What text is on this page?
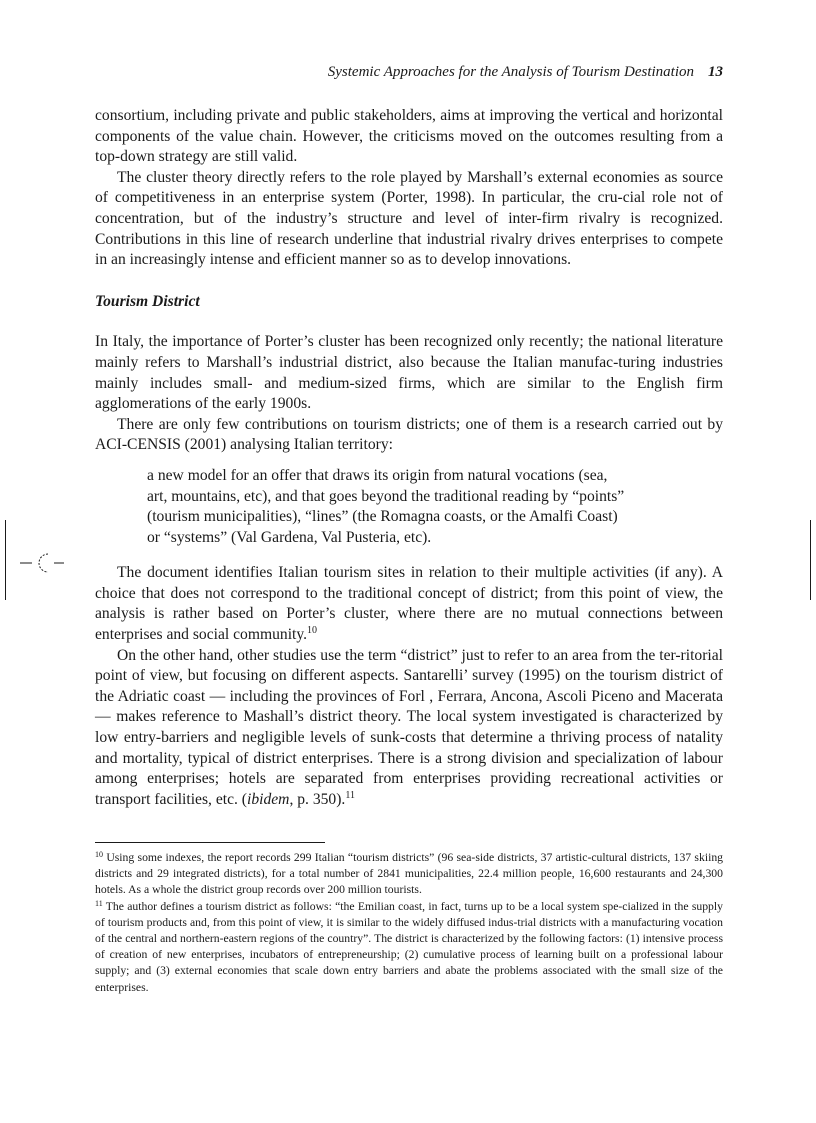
Systemic Approaches for the Analysis of Tourism Destination 13

consortium, including private and public stakeholders, aims at improving the vertical and horizontal components of the value chain. However, the criticisms moved on the outcomes resulting from a top-down strategy are still valid.

The cluster theory directly refers to the role played by Marshall’s external economies as source of competitiveness in an enterprise system (Porter, 1998). In particular, the cru-cial role not of concentration, but of the industry’s structure and level of inter-firm rivalry is recognized. Contributions in this line of research underline that industrial rivalry drives enterprises to compete in an increasingly intense and efficient manner so as to develop innovations.

Tourism District

In Italy, the importance of Porter’s cluster has been recognized only recently; the national literature mainly refers to Marshall’s industrial district, also because the Italian manufac-turing industries mainly includes small- and medium-sized firms, which are similar to the English firm agglomerations of the early 1900s.

There are only few contributions on tourism districts; one of them is a research carried out by ACI-CENSIS (2001) analysing Italian territory:

a new model for an offer that draws its origin from natural vocations (sea,
art, mountains, etc), and that goes beyond the traditional reading by “points”
(tourism municipalities), “lines” (the Romagna coasts, or the Amalfi Coast)
or “systems” (Val Gardena, Val Pusteria, etc).

The document identifies Italian tourism sites in relation to their multiple activities (if any). A choice that does not correspond to the traditional concept of district; from this point of view, the analysis is rather based on Porter’s cluster, where there are no mutual connections between enterprises and social community.$^{10}$

On the other hand, other studies use the term “district” just to refer to an area from the ter-ritorial point of view, but focusing on different aspects. Santarelli’ survey (1995) on the tourism district of the Adriatic coast — including the provinces of Forl , Ferrara, Ancona, Ascoli Piceno and Macerata — makes reference to Mashall’s district theory. The local system investigated is characterized by low entry-barriers and negligible levels of sunk-costs that determine a thriving process of natality and mortality, typical of district enterprises. There is a strong division and specialization of labour among enterprises; hotels are separated from enterprises providing recreational activities or transport facilities, etc. (ibidem, p. 350).$^{11}$

$^{10}$ Using some indexes, the report records 299 Italian “tourism districts” (96 sea-side districts, 37 artistic-cultural districts, 137 skiing districts and 29 integrated districts), for a total number of 2841 municipalities, 22.4 million people, 16,600 restaurants and 24,300 hotels. As a whole the district group records over 200 million tourists.

$^{11}$ The author defines a tourism district as follows: “the Emilian coast, in fact, turns up to be a local system spe-cialized in the supply of tourism products and, from this point of view, it is similar to the widely diffused indus-trial districts with a manufacturing vocation of the central and northern-eastern regions of the country”. The district is characterized by the following factors: (1) intensive process of creation of new enterprises, incubators of entrepreneurship; (2) cumulative process of learning built on a professional labour supply; and (3) external economies that scale down entry barriers and abate the problems associated with the small size of the enterprises.
